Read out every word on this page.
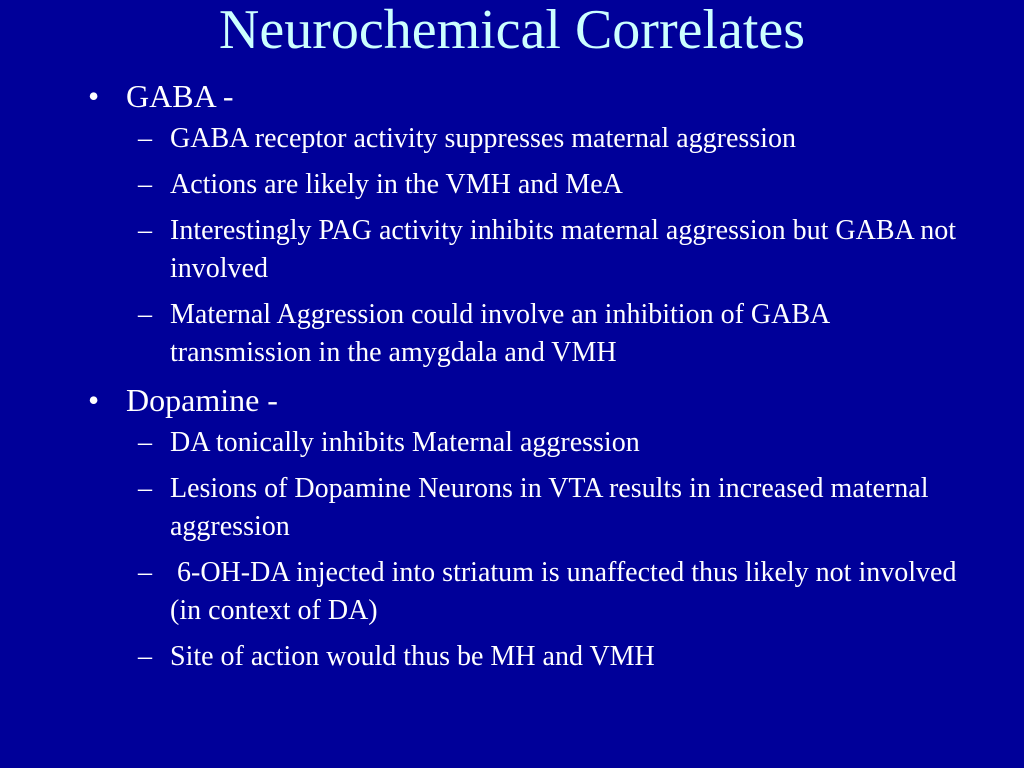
Neurochemical Correlates
• GABA -
– GABA receptor activity suppresses maternal aggression
– Actions are likely in the VMH and MeA
– Interestingly PAG activity inhibits maternal aggression but GABA not involved
– Maternal Aggression could involve an inhibition of GABA transmission in the amygdala and VMH
• Dopamine -
– DA tonically inhibits Maternal aggression
– Lesions of Dopamine Neurons in VTA results in increased maternal aggression
– 6-OH-DA injected into striatum is unaffected thus likely not involved (in context of DA)
– Site of action would thus be MH and VMH
